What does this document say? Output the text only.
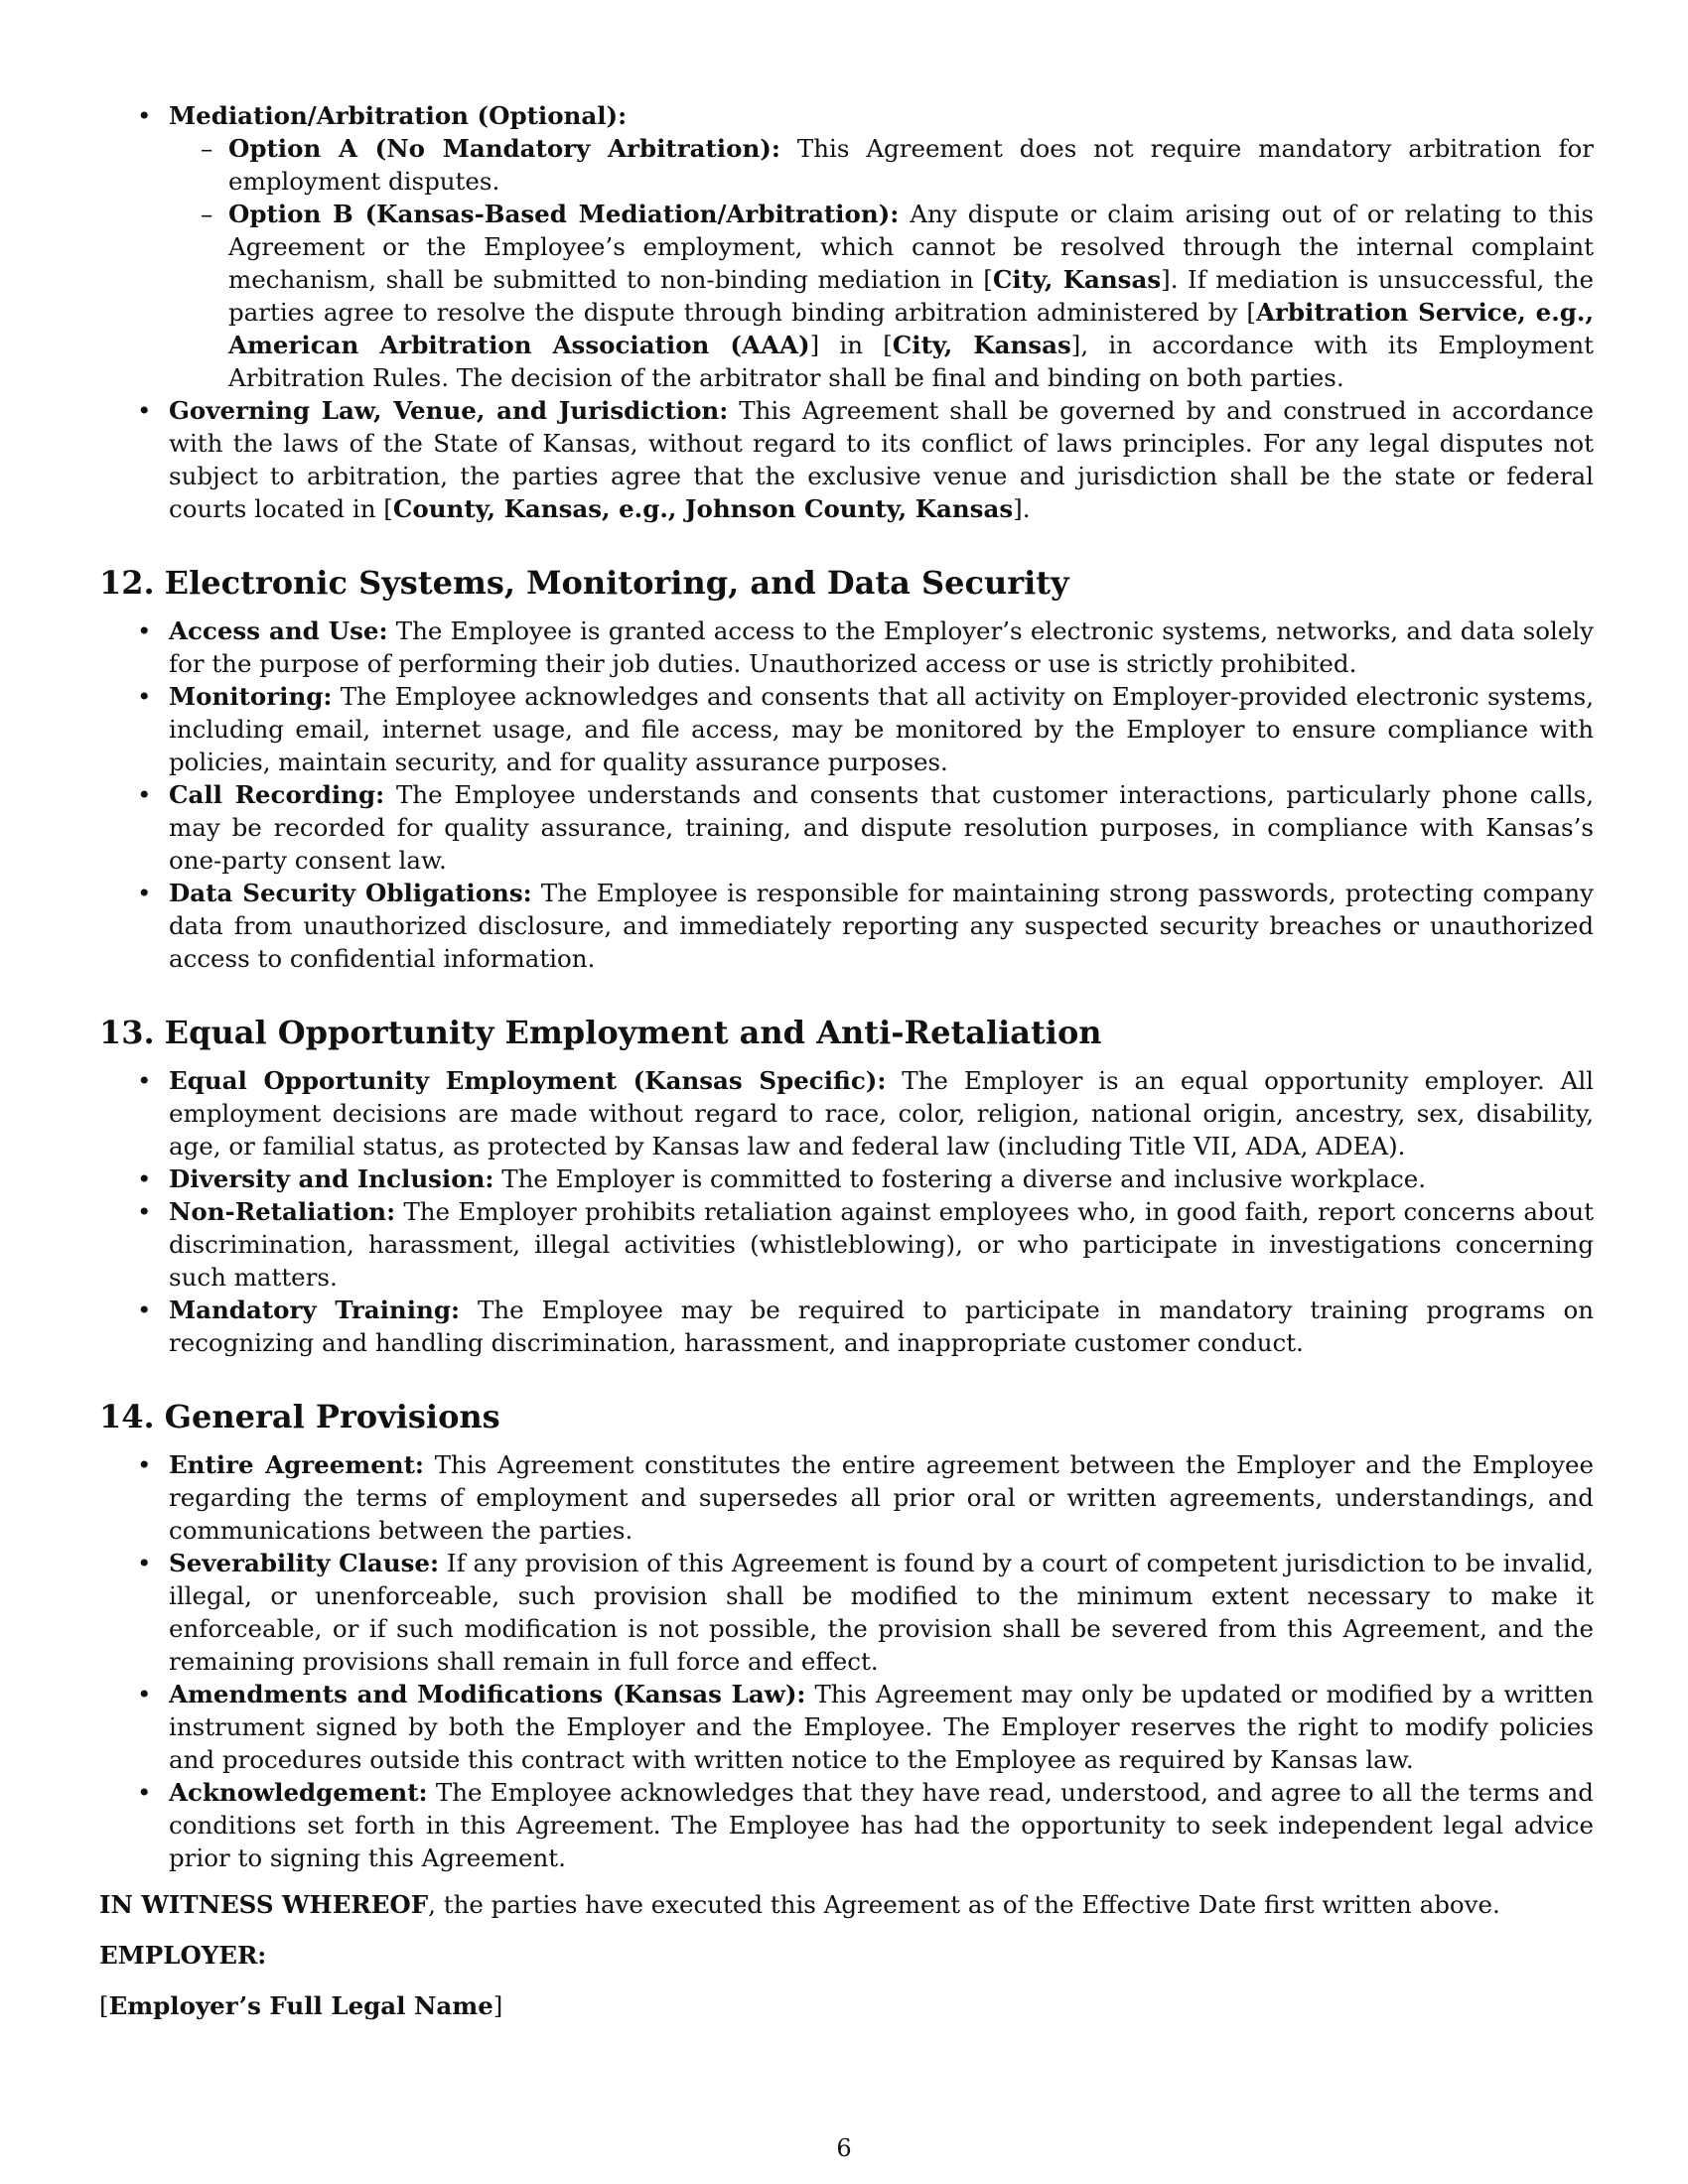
• Mediation/Arbitration (Optional):
– Option A (No Mandatory Arbitration): This Agreement does not require mandatory arbitration for employment disputes.
– Option B (Kansas-Based Mediation/Arbitration): Any dispute or claim arising out of or relating to this Agreement or the Employee’s employment, which cannot be resolved through the internal complaint mechanism, shall be submitted to non-binding mediation in [City, Kansas]. If mediation is unsuccessful, the parties agree to resolve the dispute through binding arbitration administered by [Arbitration Service, e.g., American Arbitration Association (AAA)] in [City, Kansas], in accordance with its Employment Arbitration Rules. The decision of the arbitrator shall be final and binding on both parties.
• Governing Law, Venue, and Jurisdiction: This Agreement shall be governed by and construed in accordance with the laws of the State of Kansas, without regard to its conflict of laws principles. For any legal disputes not subject to arbitration, the parties agree that the exclusive venue and jurisdiction shall be the state or federal courts located in [County, Kansas, e.g., Johnson County, Kansas].
12. Electronic Systems, Monitoring, and Data Security
• Access and Use: The Employee is granted access to the Employer’s electronic systems, networks, and data solely for the purpose of performing their job duties. Unauthorized access or use is strictly prohibited.
• Monitoring: The Employee acknowledges and consents that all activity on Employer-provided electronic systems, including email, internet usage, and file access, may be monitored by the Employer to ensure compliance with policies, maintain security, and for quality assurance purposes.
• Call Recording: The Employee understands and consents that customer interactions, particularly phone calls, may be recorded for quality assurance, training, and dispute resolution purposes, in compliance with Kansas’s one-party consent law.
• Data Security Obligations: The Employee is responsible for maintaining strong passwords, protecting company data from unauthorized disclosure, and immediately reporting any suspected security breaches or unauthorized access to confidential information.
13. Equal Opportunity Employment and Anti-Retaliation
• Equal Opportunity Employment (Kansas Specific): The Employer is an equal opportunity employer. All employment decisions are made without regard to race, color, religion, national origin, ancestry, sex, disability, age, or familial status, as protected by Kansas law and federal law (including Title VII, ADA, ADEA).
• Diversity and Inclusion: The Employer is committed to fostering a diverse and inclusive workplace.
• Non-Retaliation: The Employer prohibits retaliation against employees who, in good faith, report concerns about discrimination, harassment, illegal activities (whistleblowing), or who participate in investigations concerning such matters.
• Mandatory Training: The Employee may be required to participate in mandatory training programs on recognizing and handling discrimination, harassment, and inappropriate customer conduct.
14. General Provisions
• Entire Agreement: This Agreement constitutes the entire agreement between the Employer and the Employee regarding the terms of employment and supersedes all prior oral or written agreements, understandings, and communications between the parties.
• Severability Clause: If any provision of this Agreement is found by a court of competent jurisdiction to be invalid, illegal, or unenforceable, such provision shall be modified to the minimum extent necessary to make it enforceable, or if such modification is not possible, the provision shall be severed from this Agreement, and the remaining provisions shall remain in full force and effect.
• Amendments and Modifications (Kansas Law): This Agreement may only be updated or modified by a written instrument signed by both the Employer and the Employee. The Employer reserves the right to modify policies and procedures outside this contract with written notice to the Employee as required by Kansas law.
• Acknowledgement: The Employee acknowledges that they have read, understood, and agree to all the terms and conditions set forth in this Agreement. The Employee has had the opportunity to seek independent legal advice prior to signing this Agreement.

IN WITNESS WHEREOF, the parties have executed this Agreement as of the Effective Date first written above.

EMPLOYER:

[Employer’s Full Legal Name]

6
